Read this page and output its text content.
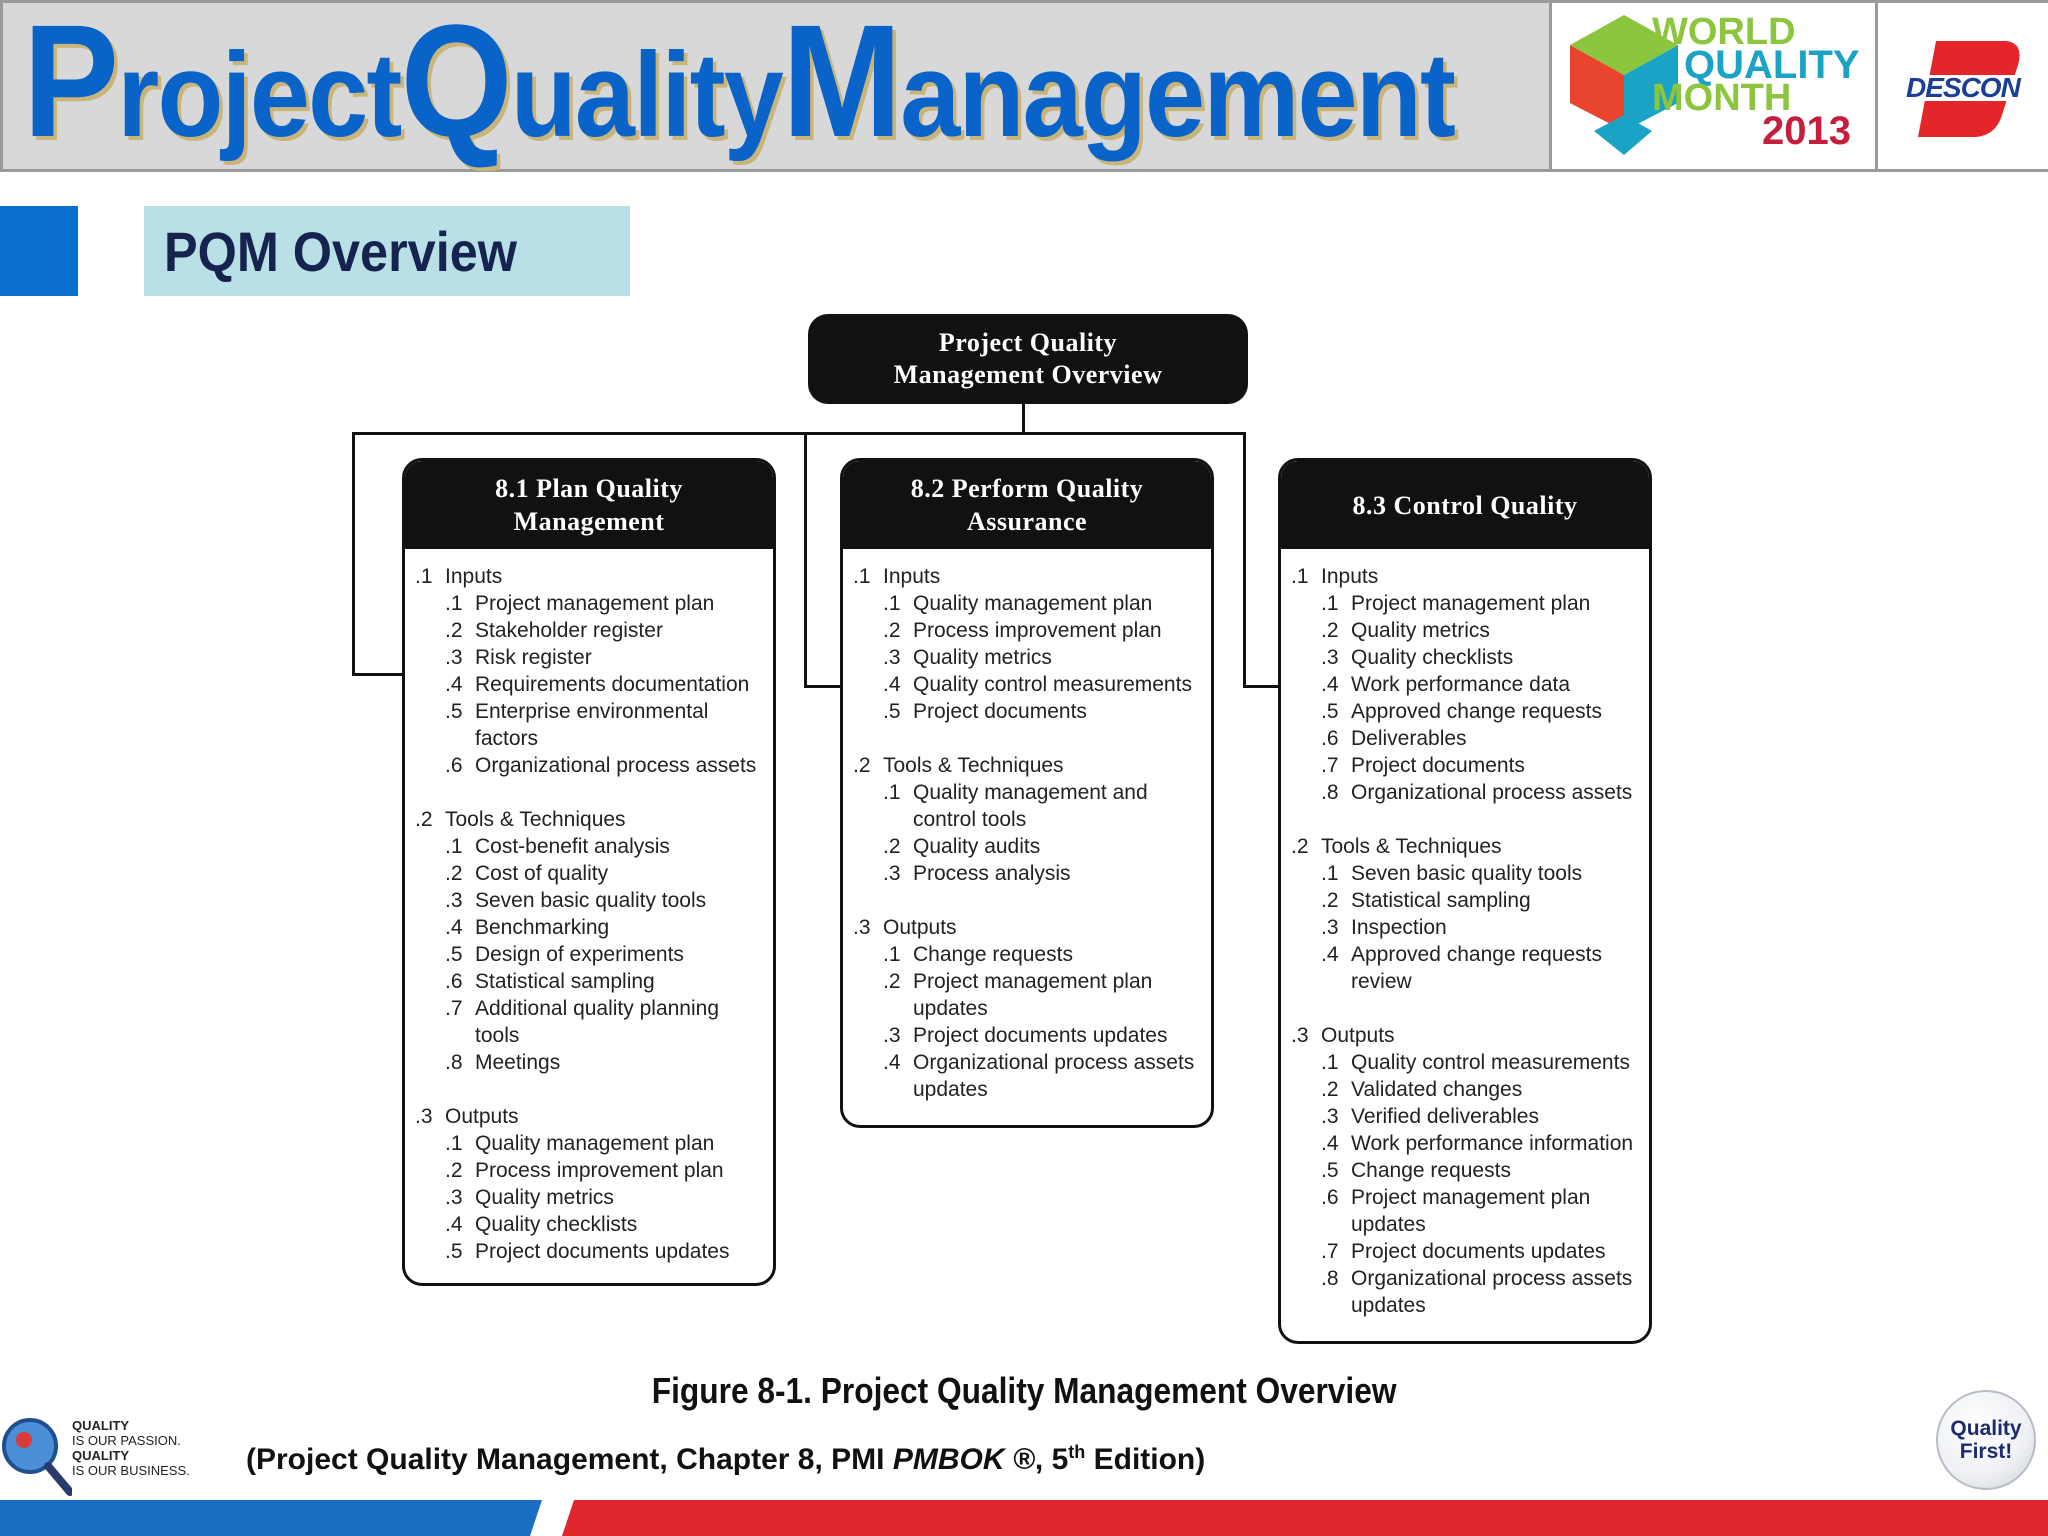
Project Quality Management	WORLD
QUALITY
MONTH
2013
DESCON
PQM Overview
Project Quality
Management Overview
8.1 Plan Quality
Management
.1 Inputs
.1 Project management plan
.2 Stakeholder register
.3 Risk register
.4 Requirements documentation
.5 Enterprise environmental
factors
.6 Organizational process assets
.2 Tools & Techniques
.1 Cost-benefit analysis
.2 Cost of quality
.3 Seven basic quality tools
.4 Benchmarking
.5 Design of experiments
.6 Statistical sampling
.7 Additional quality planning
tools
.8 Meetings
.3 Outputs
.1 Quality management plan
.2 Process improvement plan
.3 Quality metrics
.4 Quality checklists
.5 Project documents updates
8.2 Perform Quality
Assurance
.1 Inputs
.1 Quality management plan
.2 Process improvement plan
.3 Quality metrics
.4 Quality control measurements
.5 Project documents
.2 Tools & Techniques
.1 Quality management and
control tools
.2 Quality audits
.3 Process analysis
.3 Outputs
.1 Change requests
.2 Project management plan
updates
.3 Project documents updates
.4 Organizational process assets
updates
8.3 Control Quality
.1 Inputs
.1 Project management plan
.2 Quality metrics
.3 Quality checklists
.4 Work performance data
.5 Approved change requests
.6 Deliverables
.7 Project documents
.8 Organizational process assets
.2 Tools & Techniques
.1 Seven basic quality tools
.2 Statistical sampling
.3 Inspection
.4 Approved change requests
review
.3 Outputs
.1 Quality control measurements
.2 Validated changes
.3 Verified deliverables
.4 Work performance information
.5 Change requests
.6 Project management plan
updates
.7 Project documents updates
.8 Organizational process assets
updates
Figure 8-1. Project Quality Management Overview
(Project Quality Management, Chapter 8, PMI PMBOK ®, 5th Edition)
QUALITY
IS OUR PASSION.
QUALITY
IS OUR BUSINESS.
Quality
First!
